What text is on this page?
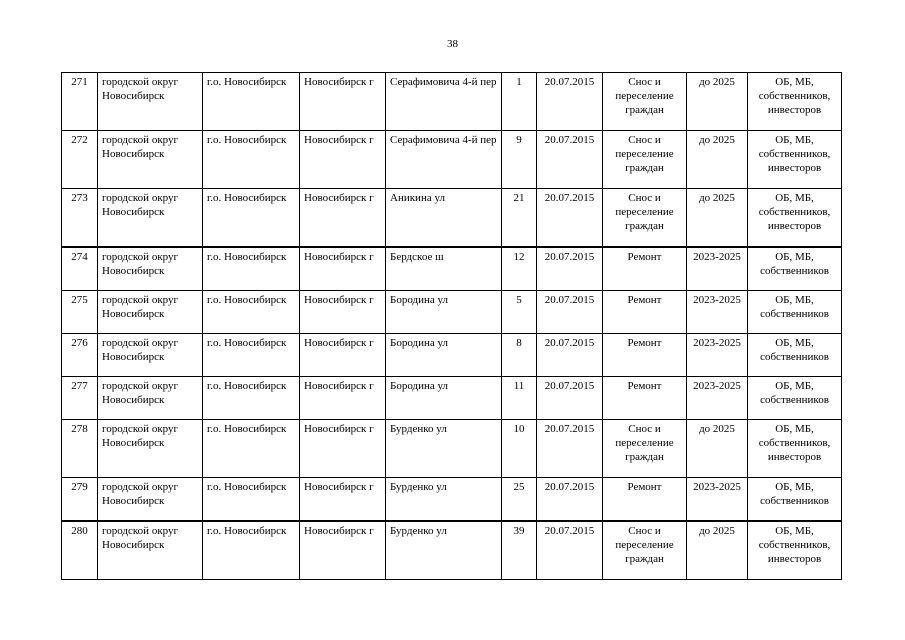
38
271	городской округ Новосибирск	г.о. Новосибирск	Новосибирск г	Серафимовича 4-й пер	1	20.07.2015	Снос и переселение граждан	до 2025	ОБ, МБ, собственников, инвесторов
272	городской округ Новосибирск	г.о. Новосибирск	Новосибирск г	Серафимовича 4-й пер	9	20.07.2015	Снос и переселение граждан	до 2025	ОБ, МБ, собственников, инвесторов
273	городской округ Новосибирск	г.о. Новосибирск	Новосибирск г	Аникина ул	21	20.07.2015	Снос и переселение граждан	до 2025	ОБ, МБ, собственников, инвесторов
274	городской округ Новосибирск	г.о. Новосибирск	Новосибирск г	Бердское ш	12	20.07.2015	Ремонт	2023-2025	ОБ, МБ, собственников
275	городской округ Новосибирск	г.о. Новосибирск	Новосибирск г	Бородина ул	5	20.07.2015	Ремонт	2023-2025	ОБ, МБ, собственников
276	городской округ Новосибирск	г.о. Новосибирск	Новосибирск г	Бородина ул	8	20.07.2015	Ремонт	2023-2025	ОБ, МБ, собственников
277	городской округ Новосибирск	г.о. Новосибирск	Новосибирск г	Бородина ул	11	20.07.2015	Ремонт	2023-2025	ОБ, МБ, собственников
278	городской округ Новосибирск	г.о. Новосибирск	Новосибирск г	Бурденко ул	10	20.07.2015	Снос и переселение граждан	до 2025	ОБ, МБ, собственников, инвесторов
279	городской округ Новосибирск	г.о. Новосибирск	Новосибирск г	Бурденко ул	25	20.07.2015	Ремонт	2023-2025	ОБ, МБ, собственников
280	городской округ Новосибирск	г.о. Новосибирск	Новосибирск г	Бурденко ул	39	20.07.2015	Снос и переселение граждан	до 2025	ОБ, МБ, собственников, инвесторов
